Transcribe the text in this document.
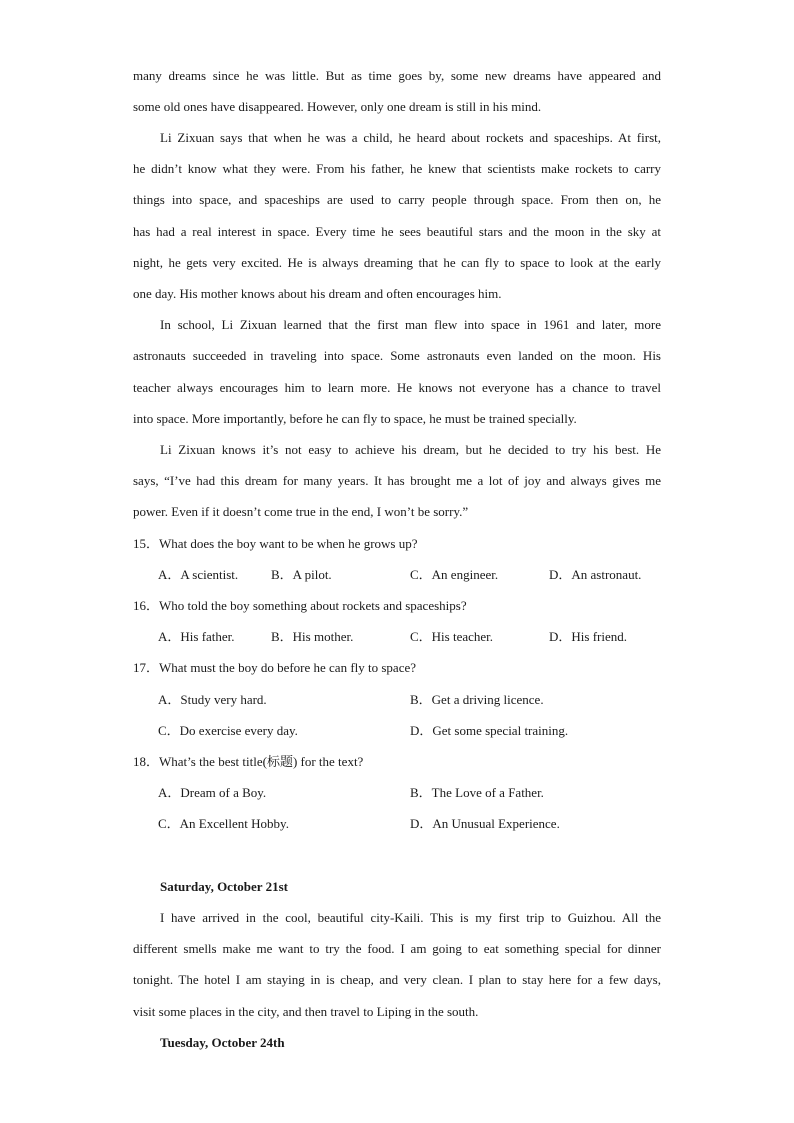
many dreams since he was little. But as time goes by, some new dreams have appeared and
some old ones have disappeared. However, only one dream is still in his mind.
Li Zixuan says that when he was a child, he heard about rockets and spaceships. At first,
he didn’t know what they were. From his father, he knew that scientists make rockets to carry
things into space, and spaceships are used to carry people through space. From then on, he
has had a real interest in space. Every time he sees beautiful stars and the moon in the sky at
night, he gets very excited. He is always dreaming that he can fly to space to look at the early
one day. His mother knows about his dream and often encourages him.
In school, Li Zixuan learned that the first man flew into space in 1961 and later, more
astronauts succeeded in traveling into space. Some astronauts even landed on the moon. His
teacher always encourages him to learn more. He knows not everyone has a chance to travel
into space. More importantly, before he can fly to space, he must be trained specially.
Li Zixuan knows it’s not easy to achieve his dream, but he decided to try his best. He
says, “I’ve had this dream for many years. It has brought me a lot of joy and always gives me
power. Even if it doesn’t come true in the end, I won’t be sorry.”
15．What does the boy want to be when he grows up?
A．A scientist.	B．A pilot.	C．An engineer.	D．An astronaut.
16．Who told the boy something about rockets and spaceships?
A．His father.	B．His mother.	C．His teacher.	D．His friend.
17．What must the boy do before he can fly to space?
A．Study very hard.	B．Get a driving licence.
C．Do exercise every day.	D．Get some special training.
18．What’s the best title(标题) for the text?
A．Dream of a Boy.	B．The Love of a Father.
C．An Excellent Hobby.	D．An Unusual Experience.
Saturday, October 21st
I have arrived in the cool, beautiful city-Kaili. This is my first trip to Guizhou. All the
different smells make me want to try the food. I am going to eat something special for dinner
tonight. The hotel I am staying in is cheap, and very clean. I plan to stay here for a few days,
visit some places in the city, and then travel to Liping in the south.
Tuesday, October 24th
